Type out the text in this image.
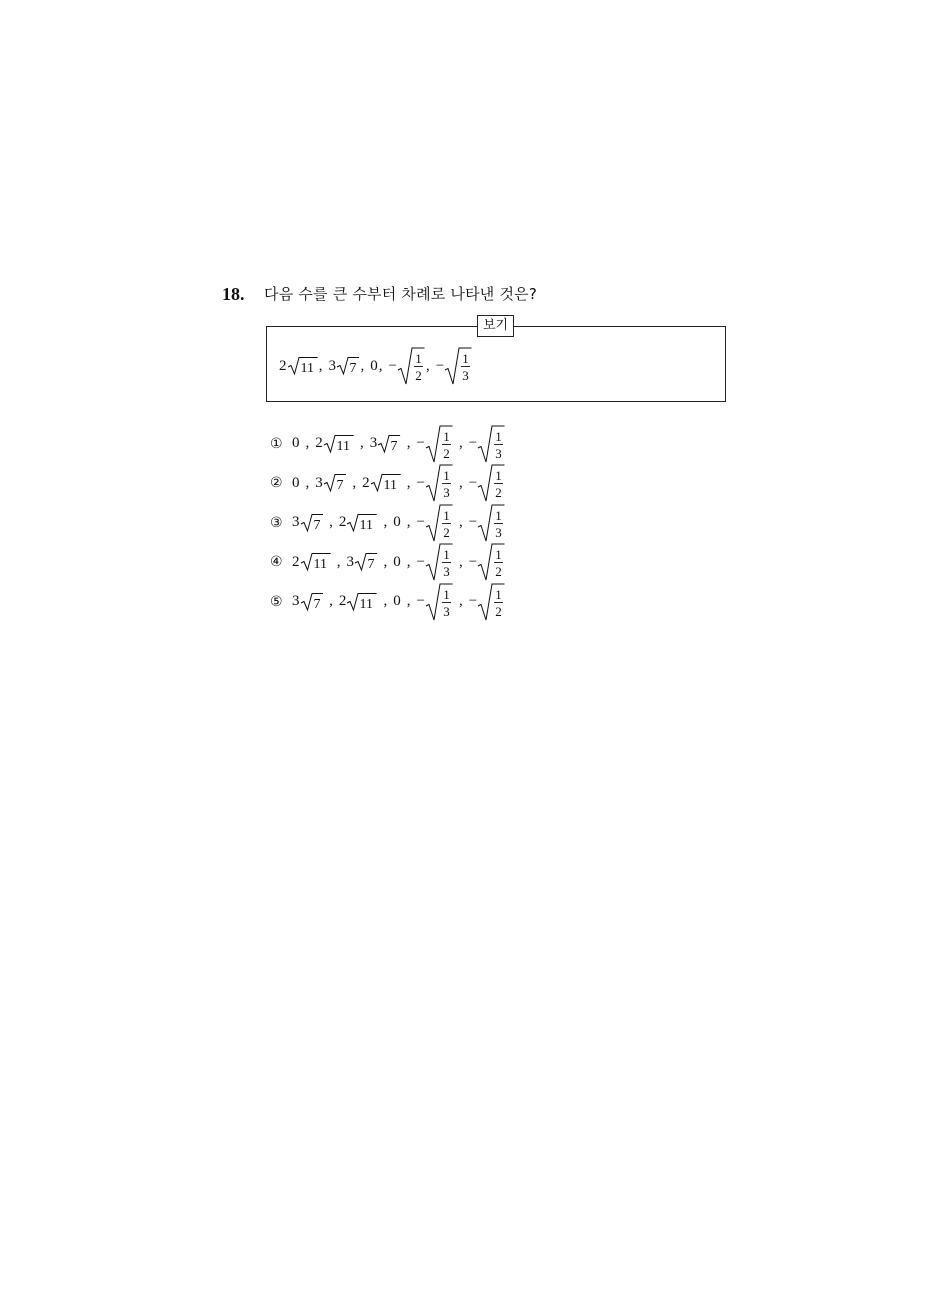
18. 다음 수를 큰 수부터 차례로 나타낸 것은?
보기
2 11 , 3 7 , 0 , − 1
2
, − 1
3
① 0 , 2 11 , 3 7 , − 1
2
, − 1
3
② 0 , 3 7 , 2 11 , − 1
3
, − 1
2
③ 3 7 , 2 11 , 0 , − 1
2
, − 1
3
④ 2 11 , 3 7 , 0 , − 1
3
, − 1
2
⑤ 3 7 , 2 11 , 0 , − 1
3
, − 1
2
